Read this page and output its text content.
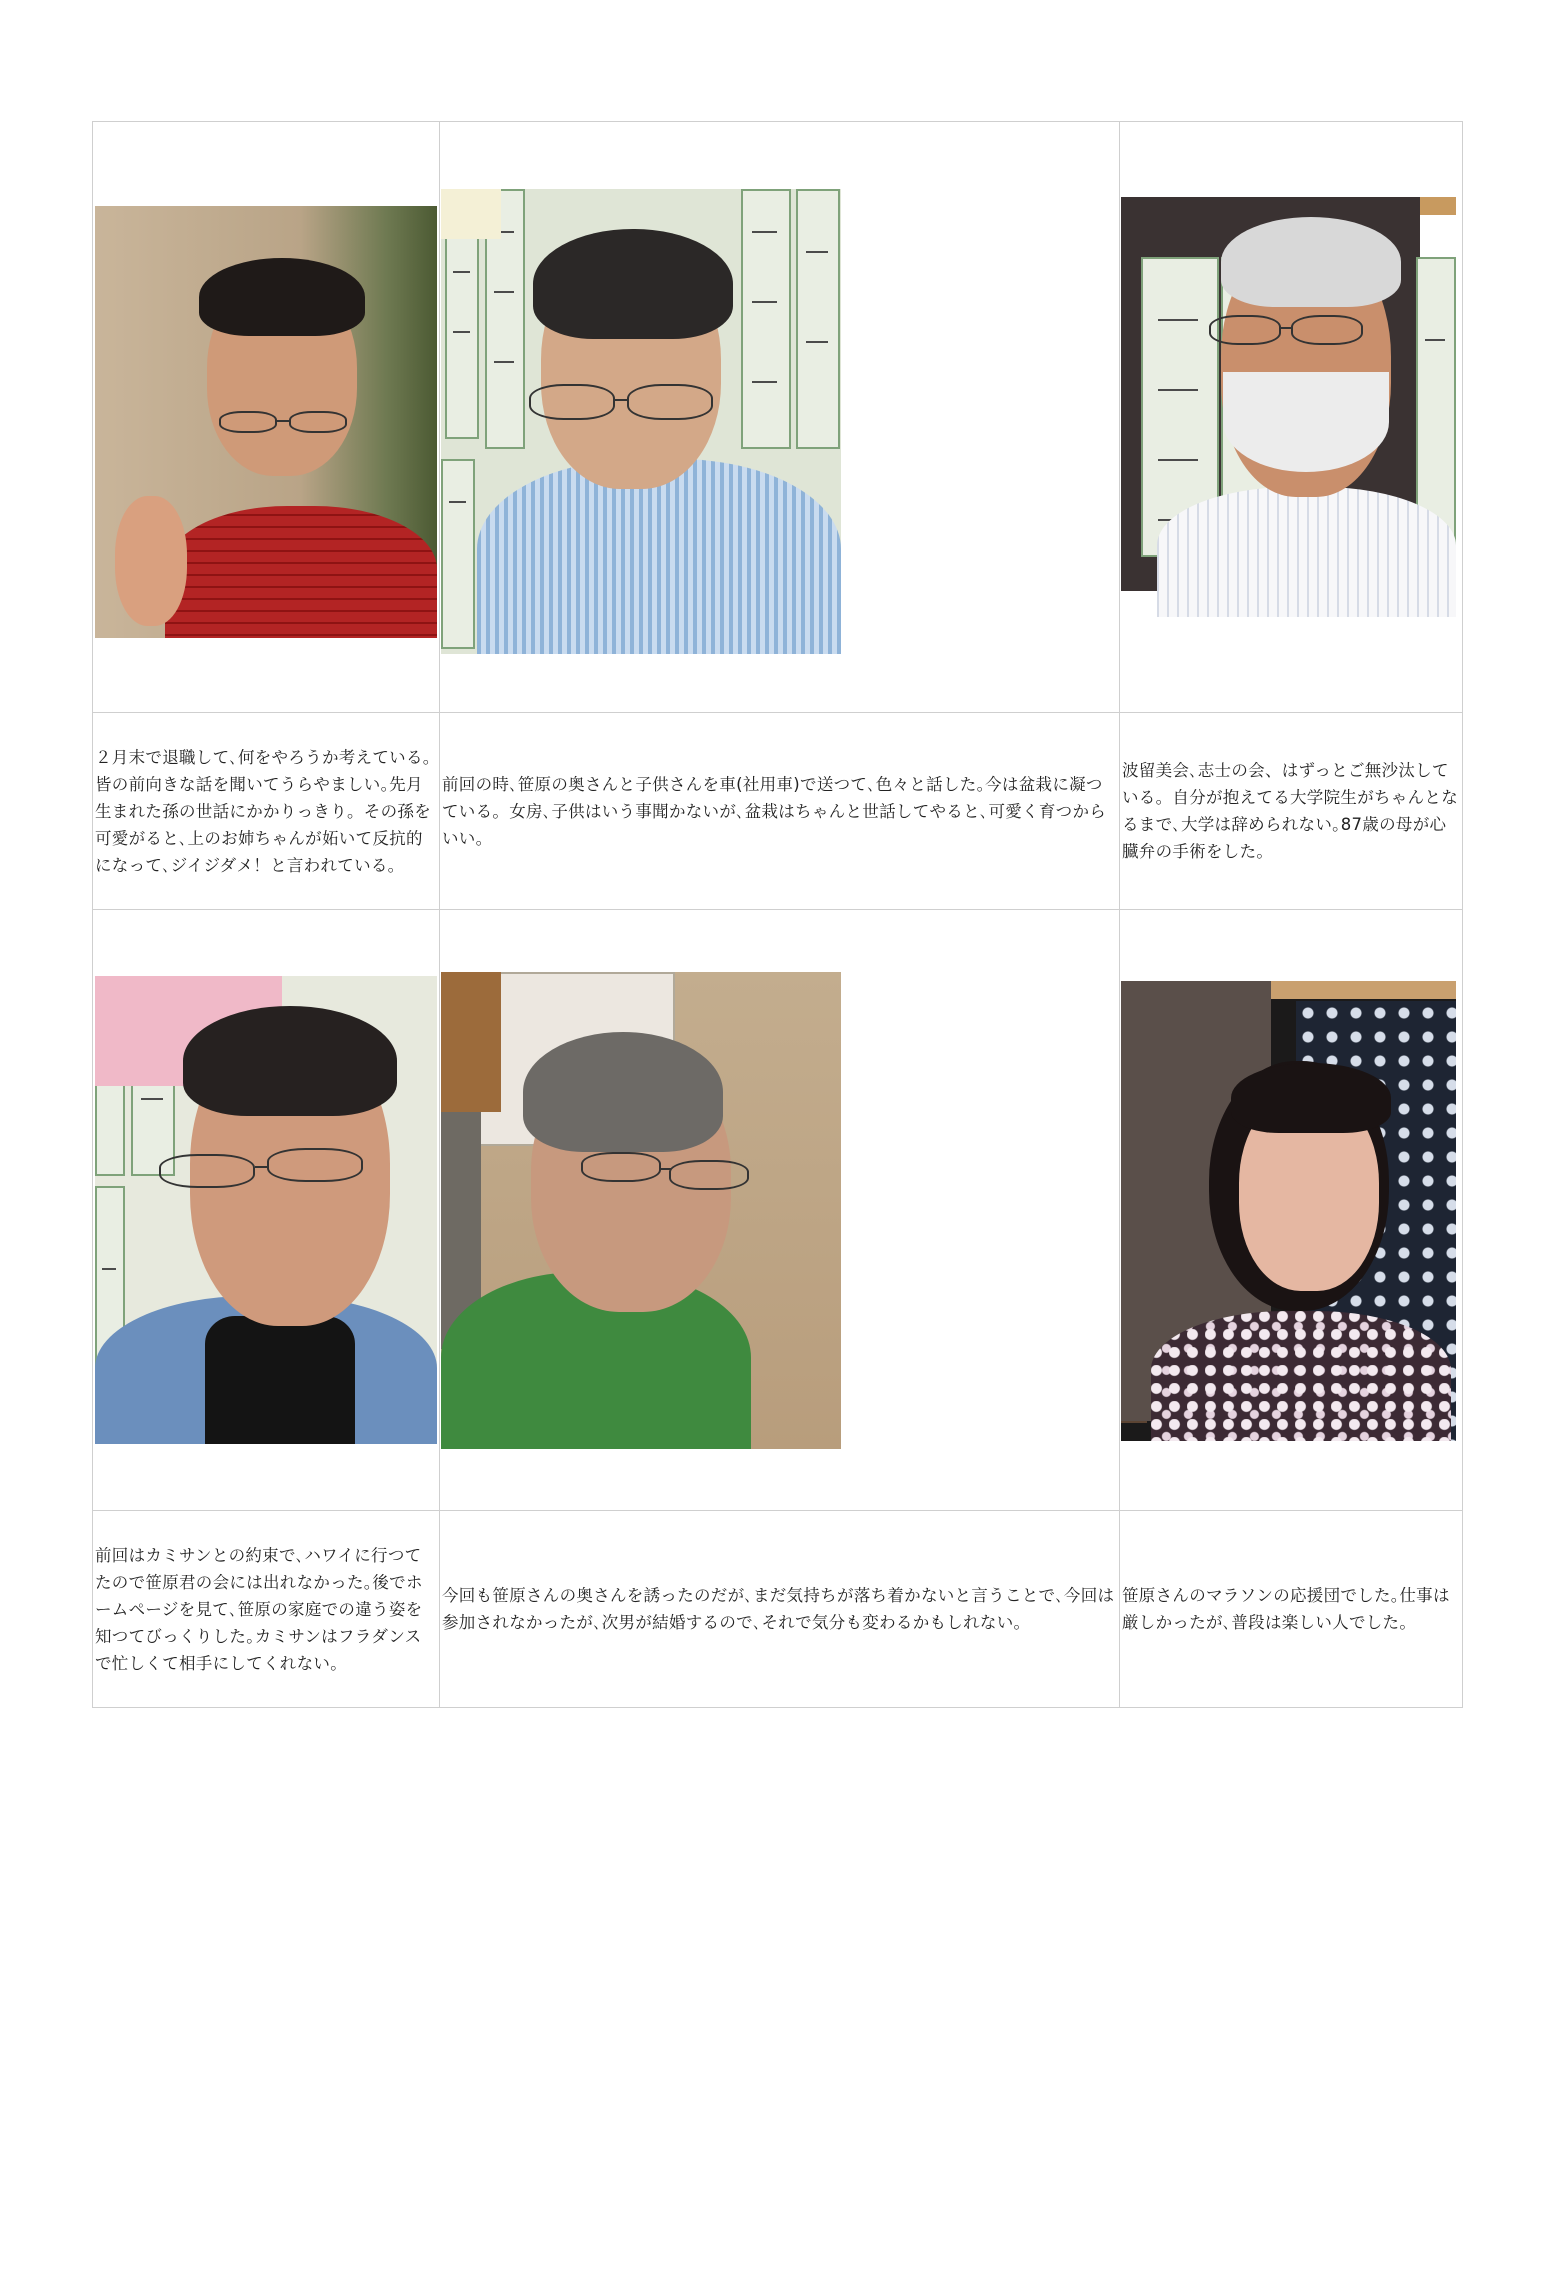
２月末で退職して､何をやろうか考えている｡皆の前向きな話を聞いてうらやましい｡先月生まれた孫の世話にかかりっきり。その孫を可愛がると､上のお姉ちゃんが妬いて反抗的になって､ジイジダメ！と言われている。	前回の時､笹原の奥さんと子供さんを車(社用車)で送つて､色々と話した｡今は盆栽に凝つている。女房､子供はいう事聞かないが､盆栽はちゃんと世話してやると､可愛く育つからいい。	波留美会､志士の会、はずっとご無沙汰している。自分が抱えてる大学院生がちゃんとなるまで､大学は辞められない｡87歳の母が心臓弁の手術をした。

前回はカミサンとの約束で､ハワイに行つてたので笹原君の会には出れなかった｡後でホームページを見て､笹原の家庭での違う姿を知つてびっくりした｡カミサンはフラダンスで忙しくて相手にしてくれない。	今回も笹原さんの奥さんを誘ったのだが､まだ気持ちが落ち着かないと言うことで､今回は参加されなかったが､次男が結婚するので､それで気分も変わるかもしれない。	笹原さんのマラソンの応援団でした｡仕事は厳しかったが､普段は楽しい人でした。
